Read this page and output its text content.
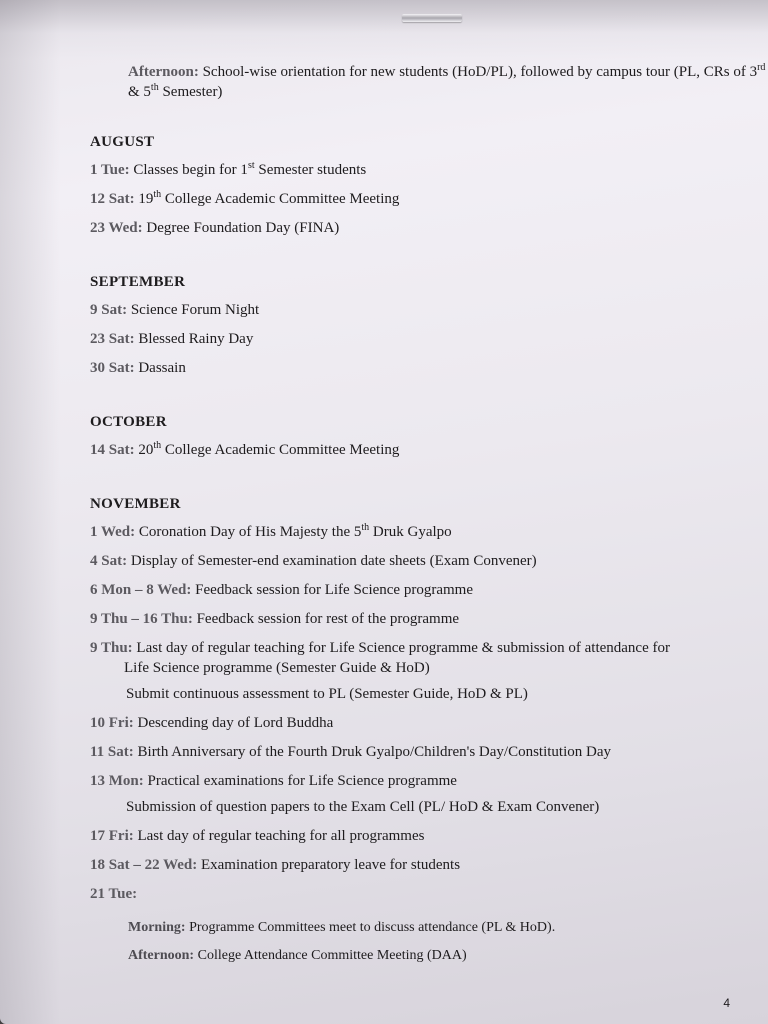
Afternoon: School-wise orientation for new students (HoD/PL), followed by campus tour (PL, CRs of 3rd & 5th Semester)
AUGUST
1 Tue: Classes begin for 1st Semester students
12 Sat: 19th College Academic Committee Meeting
23 Wed: Degree Foundation Day (FINA)
SEPTEMBER
9 Sat: Science Forum Night
23 Sat: Blessed Rainy Day
30 Sat: Dassain
OCTOBER
14 Sat: 20th College Academic Committee Meeting
NOVEMBER
1 Wed: Coronation Day of His Majesty the 5th Druk Gyalpo
4 Sat: Display of Semester-end examination date sheets (Exam Convener)
6 Mon – 8 Wed: Feedback session for Life Science programme
9 Thu – 16 Thu: Feedback session for rest of the programme
9 Thu: Last day of regular teaching for Life Science programme & submission of attendance for
Life Science programme (Semester Guide & HoD)
Submit continuous assessment to PL (Semester Guide, HoD & PL)
10 Fri: Descending day of Lord Buddha
11 Sat: Birth Anniversary of the Fourth Druk Gyalpo/Children's Day/Constitution Day
13 Mon: Practical examinations for Life Science programme
Submission of question papers to the Exam Cell (PL/ HoD & Exam Convener)
17 Fri: Last day of regular teaching for all programmes
18 Sat – 22 Wed: Examination preparatory leave for students
21 Tue:
Morning: Programme Committees meet to discuss attendance (PL & HoD).
Afternoon: College Attendance Committee Meeting (DAA)
4
